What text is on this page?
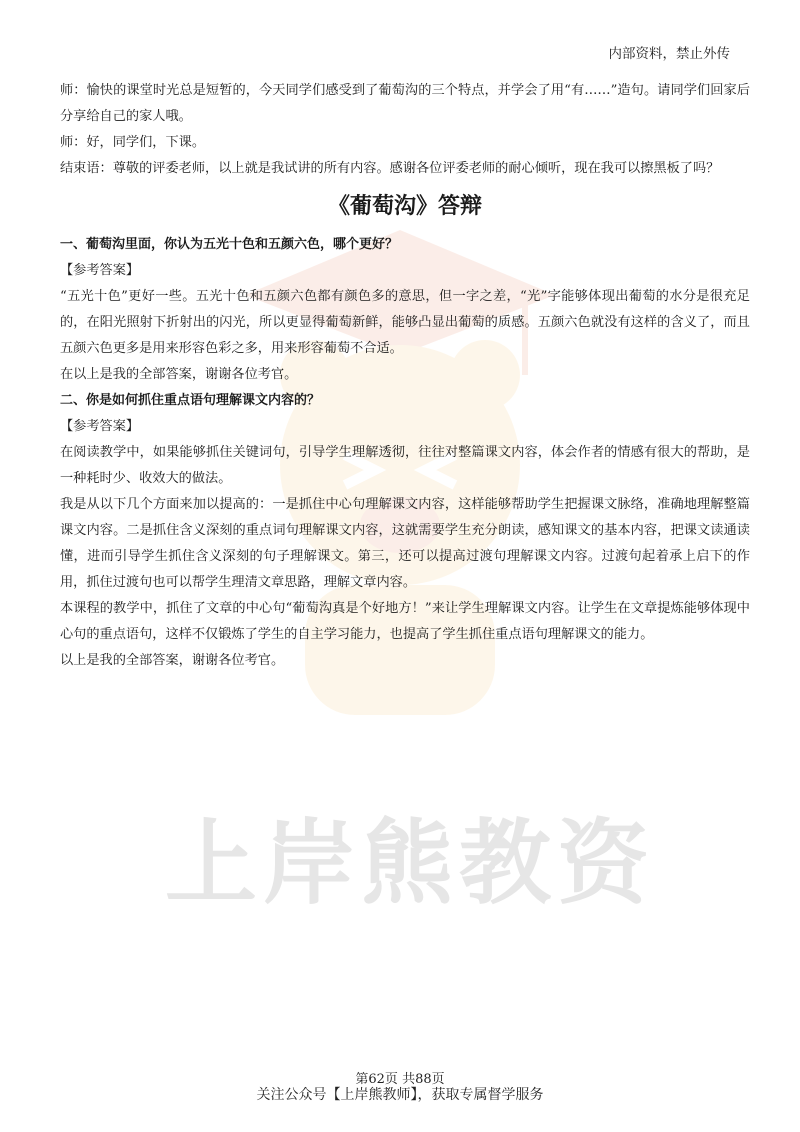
上岸熊教资
内部资料，禁止外传

师：愉快的课堂时光总是短暂的，今天同学们感受到了葡萄沟的三个特点，并学会了用“有……”造句。请同学们回家后分享给自己的家人哦。

师：好，同学们，下课。

结束语：尊敬的评委老师，以上就是我试讲的所有内容。感谢各位评委老师的耐心倾听，现在我可以擦黑板了吗？

《葡萄沟》答辩

一、葡萄沟里面，你认为五光十色和五颜六色，哪个更好？

【参考答案】

“五光十色”更好一些。五光十色和五颜六色都有颜色多的意思，但一字之差，“光”字能够体现出葡萄的水分是很充足的，在阳光照射下折射出的闪光，所以更显得葡萄新鲜，能够凸显出葡萄的质感。五颜六色就没有这样的含义了，而且五颜六色更多是用来形容色彩之多，用来形容葡萄不合适。

在以上是我的全部答案，谢谢各位考官。

二、你是如何抓住重点语句理解课文内容的？

【参考答案】

在阅读教学中，如果能够抓住关键词句，引导学生理解透彻，往往对整篇课文内容，体会作者的情感有很大的帮助，是一种耗时少、收效大的做法。

我是从以下几个方面来加以提高的：一是抓住中心句理解课文内容，这样能够帮助学生把握课文脉络，准确地理解整篇课文内容。二是抓住含义深刻的重点词句理解课文内容，这就需要学生充分朗读，感知课文的基本内容，把课文读通读懂，进而引导学生抓住含义深刻的句子理解课文。第三，还可以提高过渡句理解课文内容。过渡句起着承上启下的作用，抓住过渡句也可以帮学生理清文章思路，理解文章内容。

本课程的教学中，抓住了文章的中心句“葡萄沟真是个好地方！”来让学生理解课文内容。让学生在文章提炼能够体现中心句的重点语句，这样不仅锻炼了学生的自主学习能力，也提高了学生抓住重点语句理解课文的能力。

以上是我的全部答案，谢谢各位考官。

第62页 共88页
关注公众号【上岸熊教师】，获取专属督学服务
